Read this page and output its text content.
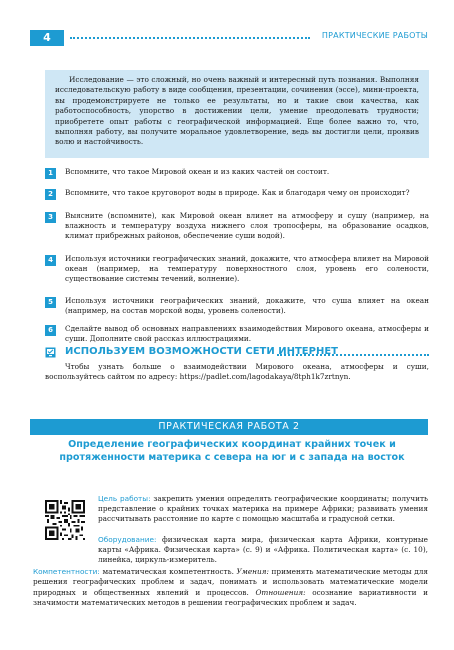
4	ПРАКТИЧЕСКИЕ РАБОТЫ

Исследование — это сложный, но очень важный и интересный путь познания. Выполняя исследовательскую работу в виде сообщения, презентации, сочинения (эссе), мини-проекта, вы продемонстрируете не только ее результаты, но и такие свои качества, как работоспособность, упорство в достижении цели, умение преодолевать трудности; приобретете опыт работы с географической информацией. Еще более важно то, что, выполняя работу, вы получите моральное удовлетворение, ведь вы достигли цели, проявив волю и настойчивость.

1	Вспомните, что такое Мировой океан и из каких частей он состоит.
2	Вспомните, что такое круговорот воды в природе. Как и благодаря чему он происходит?
3	Выясните (вспомните), как Мировой океан влияет на атмосферу и сушу (например, на влажность и температуру воздуха нижнего слоя тропосферы, на образование осадков, климат прибрежных районов, обеспечение суши водой).
4	Используя источники географических знаний, докажите, что атмосфера влияет на Мировой океан (например, на температуру поверхностного слоя, уровень его солености, существование системы течений, волнение).
5	Используя источники географических знаний, докажите, что суша влияет на океан (например, на состав морской воды, уровень солености).
6	Сделайте вывод об основных направлениях взаимодействия Мирового океана, атмосферы и суши. Дополните свой рассказ иллюстрациями.
ИСПОЛЬЗУЕМ ВОЗМОЖНОСТИ СЕТИ ИНТЕРНЕТ
Чтобы узнать больше о взаимодействии Мирового океана, атмосферы и суши, воспользуйтесь сайтом по адресу: https://padlet.com/lagodakaya/8tph1k7zrtnyn.
ПРАКТИЧЕСКАЯ РАБОТА 2
Определение географических координат крайних точек и протяженности материка с севера на юг и с запада на восток
Цель работы: закрепить умения определять географические координаты; получить представление о крайних точках материка на примере Африки; развивать умения рассчитывать расстояние по карте с помощью масштаба и градусной сетки.
Оборудование: физическая карта мира, физическая карта Африки, контурные карты «Африка. Физическая карта» (с. 9) и «Африка. Политическая карта» (с. 10), линейка, циркуль-измеритель.
Компетентности: математическая компетентность. Умения: применять математические методы для решения географических проблем и задач, понимать и использовать математические модели природных и общественных явлений и процессов. Отношения: осознание вариативности и значимости математических методов в решении географических проблем и задач.
